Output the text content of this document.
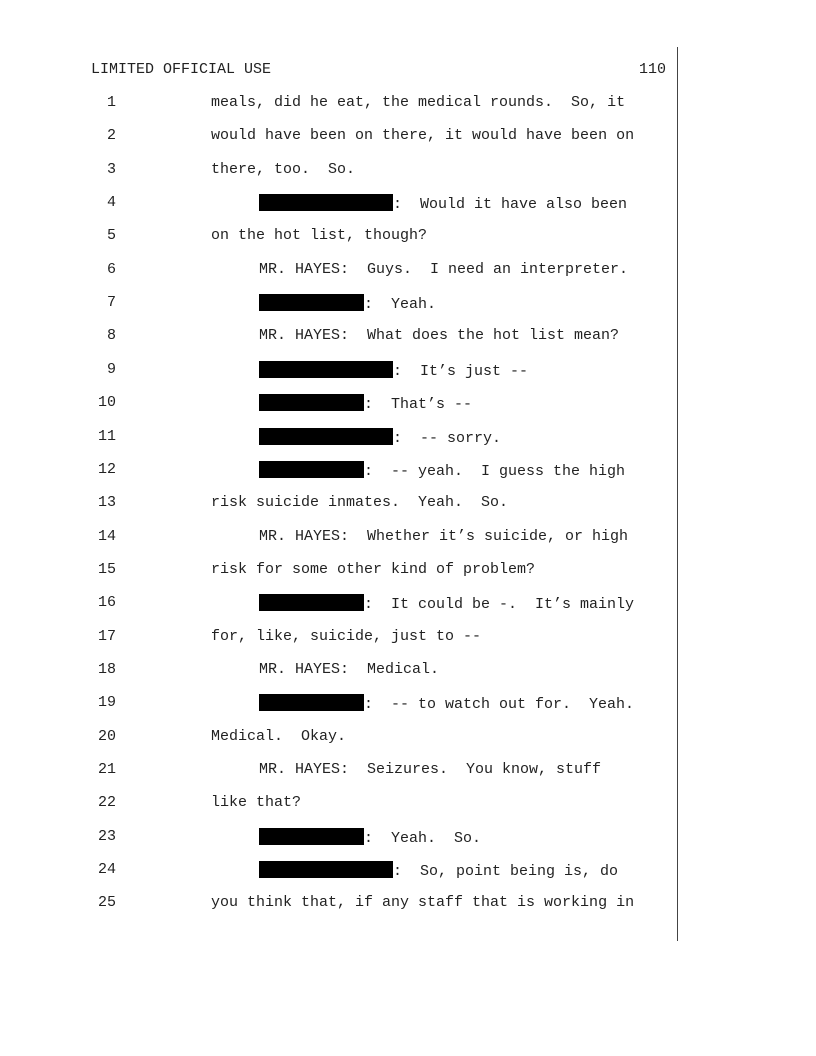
LIMITED OFFICIAL USE	110
1	meals, did he eat, the medical rounds.  So, it
2	would have been on there, it would have been on
3	there, too.  So.
4	:  Would it have also been
5	on the hot list, though?
6	MR. HAYES:  Guys.  I need an interpreter.
7	:  Yeah.
8	MR. HAYES:  What does the hot list mean?
9	:  It’s just --
10	:  That’s --
11	:  -- sorry.
12	:  -- yeah.  I guess the high
13	risk suicide inmates.  Yeah.  So.
14	MR. HAYES:  Whether it’s suicide, or high
15	risk for some other kind of problem?
16	:  It could be -.  It’s mainly
17	for, like, suicide, just to --
18	MR. HAYES:  Medical.
19	:  -- to watch out for.  Yeah.
20	Medical.  Okay.
21	MR. HAYES:  Seizures.  You know, stuff
22	like that?
23	:  Yeah.  So.
24	:  So, point being is, do
25	you think that, if any staff that is working in
